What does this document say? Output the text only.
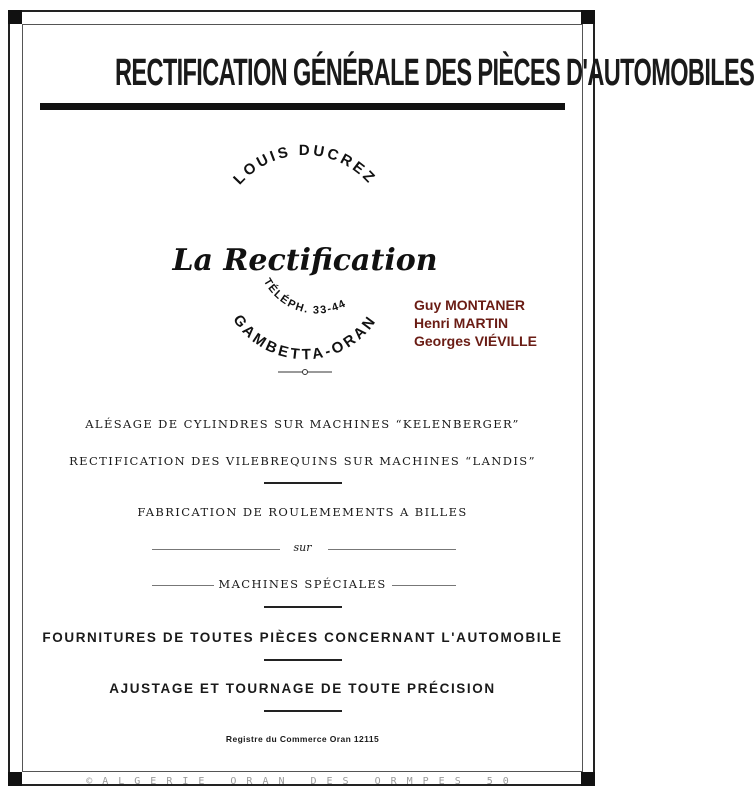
RECTIFICATION GÉNÉRALE DES PIÈCES D'AUTOMOBILES
LOUIS DUCREZ
La Rectification
TÉLÉPH. 33-44
GAMBETTA-ORAN
Guy MONTANER
Henri MARTIN
Georges VIÉVILLE
ALÉSAGE DE CYLINDRES SUR MACHINES “KELENBERGER”
RECTIFICATION DES VILEBREQUINS SUR MACHINES “LANDIS”
FABRICATION DE ROULEMEMENTS A BILLES
sur
MACHINES SPÉCIALES
FOURNITURES DE TOUTES PIÈCES CONCERNANT L'AUTOMOBILE
AJUSTAGE ET TOURNAGE DE TOUTE PRÉCISION
Registre du Commerce Oran 12115
©ALGERIE ORAN DES ORMPES 50
